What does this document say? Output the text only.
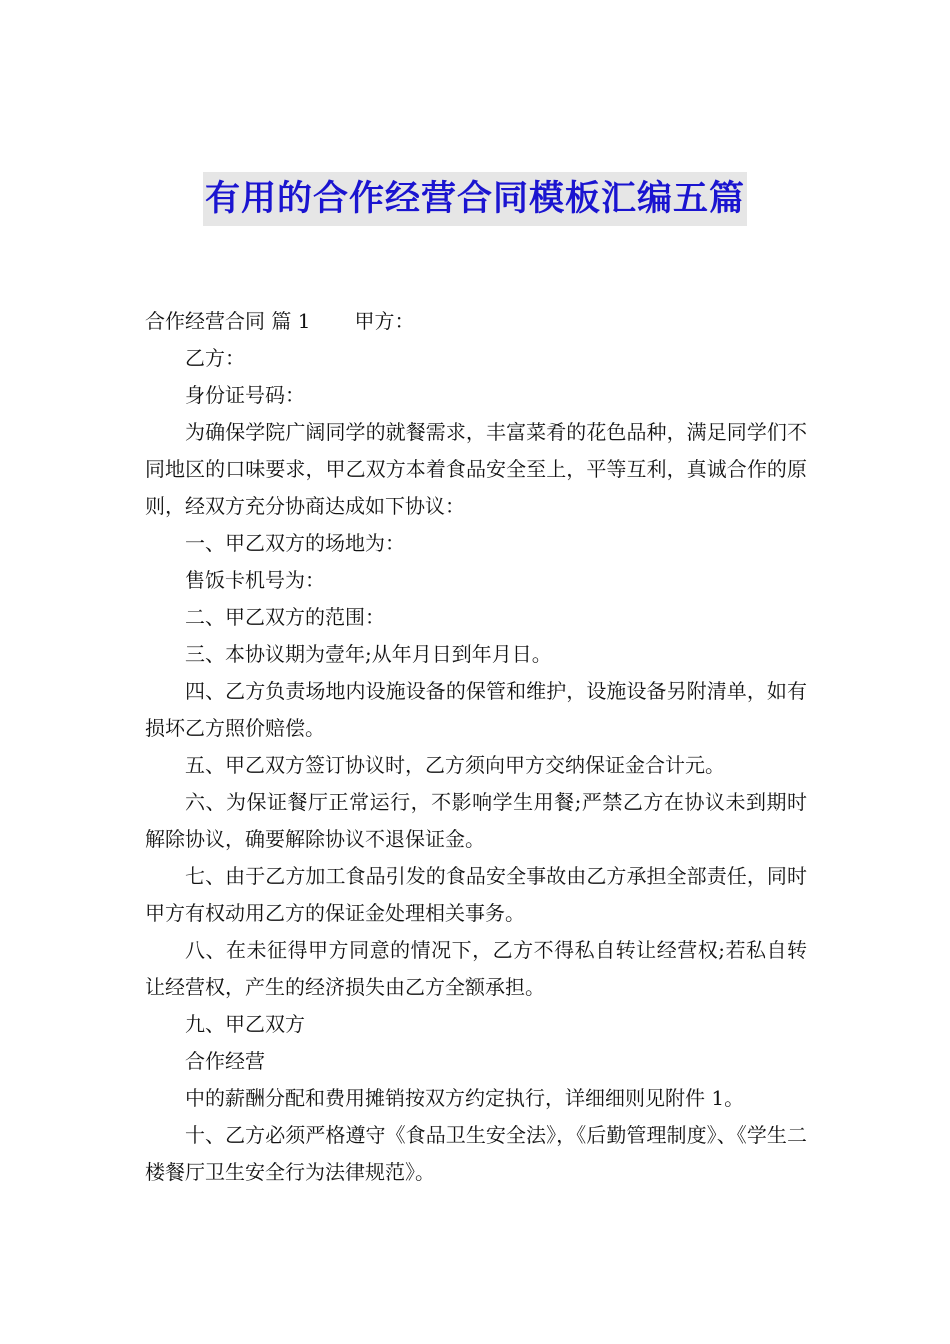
有用的合作经营合同模板汇编五篇

合作经营合同 篇 1 甲方：

乙方：

身份证号码：

为确保学院广阔同学的就餐需求，丰富菜肴的花色品种，满足同学们不同地区的口味要求，甲乙双方本着食品安全至上，平等互利，真诚合作的原则，经双方充分协商达成如下协议：

一、甲乙双方的场地为：

售饭卡机号为：

二、甲乙双方的范围：

三、本协议期为壹年;从年月日到年月日。

四、乙方负责场地内设施设备的保管和维护，设施设备另附清单，如有损坏乙方照价赔偿。

五、甲乙双方签订协议时，乙方须向甲方交纳保证金合计元。

六、为保证餐厅正常运行，不影响学生用餐;严禁乙方在协议未到期时解除协议，确要解除协议不退保证金。

七、由于乙方加工食品引发的食品安全事故由乙方承担全部责任，同时甲方有权动用乙方的保证金处理相关事务。

八、在未征得甲方同意的情况下，乙方不得私自转让经营权;若私自转让经营权，产生的经济损失由乙方全额承担。

九、甲乙双方

合作经营

中的薪酬分配和费用摊销按双方约定执行，详细细则见附件 1。

十、乙方必须严格遵守《食品卫生安全法》，《后勤管理制度》、《学生二楼餐厅卫生安全行为法律规范》。
